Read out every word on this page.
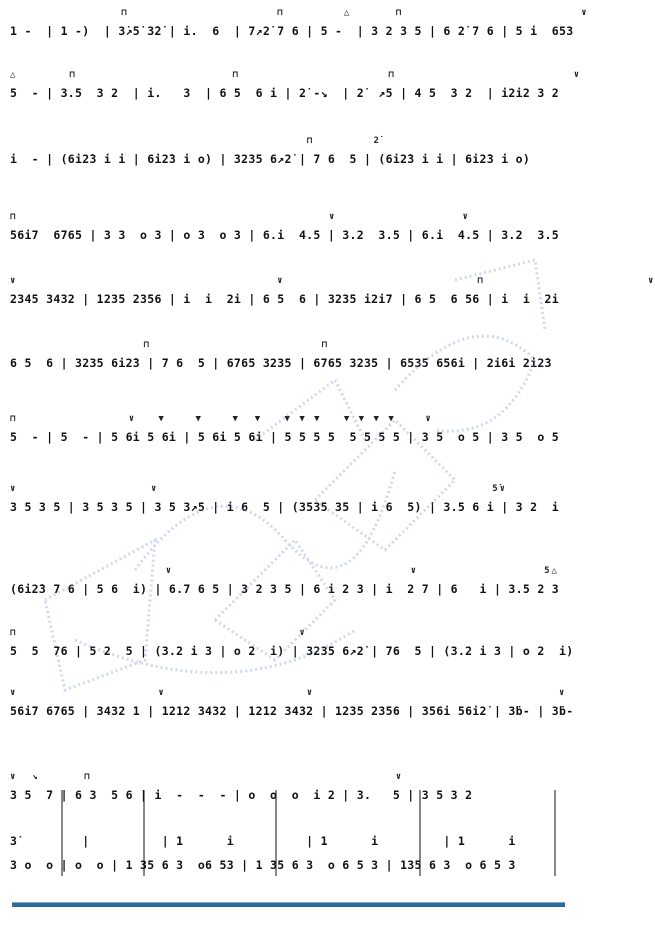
⊓                    ⊓        △      ⊓                        ∨

1 -  | 1 -)  | 3̇↗5̇ 3̇2̇ | i.  6  | 7↗2̇ 7 6 | 5 -  | 3 2 3 5 | 6 2̇ 7 6 | 5 i  653

△       ⊓                     ⊓                    ⊓                        ∨

5  - | 3.5  3 2  | i.   3  | 6 5  6 i | 2̇ -↘  | 2̇  ↗5 | 4 5  3 2  | i2i2 3 2

⊓        2̇

i  - | (6i2̇3 i i | 6i2̇3 i o) | 3235 6↗2̇ | 7 6  5 | (6i2̇3 i i | 6i2̇3 i o)

⊓                                          ∨                 ∨

56i7  6765 | 3 3  o 3 | o 3  o 3 | 6.i  4.5 | 3.2  3.5 | 6.i  4.5 | 3.2  3.5

∨                                   ∨                          ⊓                      ∨

2345 3432 | 1235 2356 | i  i  2i | 6 5  6 | 3235 i2i7 | 6 5  6 56 | i  i  2i

⊓                       ⊓

6 5  6 | 3235 6i2̇3 | 7 6  5 | 6765 3235 | 6765 3235 | 6535 656i | 2i6i 2i2̇3

⊓               ∨   ▼    ▼    ▼  ▼   ▼ ▼ ▼   ▼ ▼ ▼ ▼    ∨

5  - | 5  - | 5 6i 5 6i | 5 6i 5 6i | 5 5 5 5  5 5 5 5 | 3 5  o 5 | 3 5  o 5

∨                  ∨                                             5̇∨

3 5 3 5 | 3 5 3 5 | 3 5 3↗5 | i 6  5 | (3535 35 | i 6  5) | 3.5 6 i | 3 2  i

∨                                ∨                 5△

(6i2̇3 7 6 | 5 6  i) | 6.7 6 5 | 3 2 3 5 | 6 i 2 3 | i  2 7 | 6   i | 3.5 2 3

⊓                                      ∨

5  5  76 | 5 2  5 | (3.2 i 3 | o 2  i) | 3235 6↗2̇ | 76  5 | (3.2 i 3 | o 2  i)

∨                   ∨                   ∨                                 ∨

56i7 6765 | 3432 1 | 1212 3432 | 1212 3432 | 1235 2356 | 356i 56i2̇ | 3ḃ- | 3ḃ-

∨  ↘      ⊓                                         ∨

3 5  7 | 6 3  5 6 | i  -  -  - | o  o  o  i 2 | 3.   5 | 3 5 3 2

3̇         |          | 1      i          | 1      i         | 1      i

3 o  o | o  o | 1 35 6 3  o6 53 | 1 35 6 3  o 6 5 3 | 135 6 3  o 6 5 3
